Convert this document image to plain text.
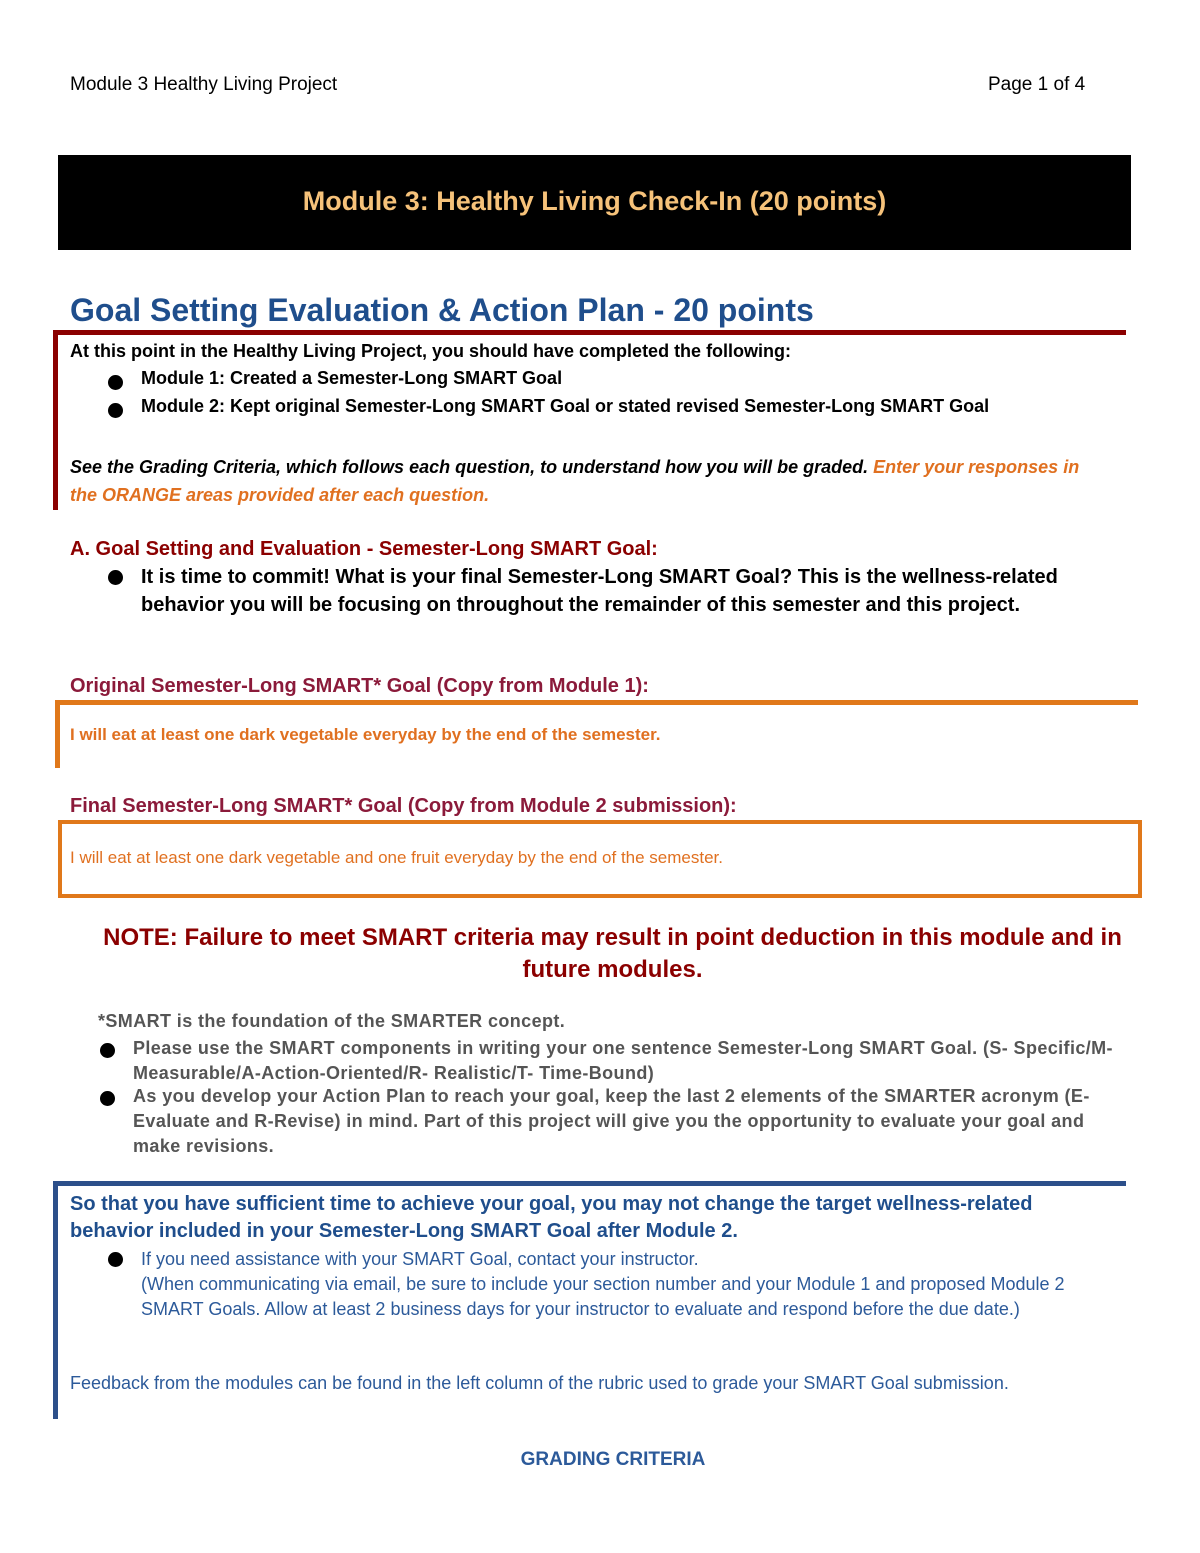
Module 3 Healthy Living Project	Page 1 of 4
Module 3: Healthy Living Check-In (20 points)
Goal Setting Evaluation & Action Plan - 20 points
At this point in the Healthy Living Project, you should have completed the following:
Module 1: Created a Semester-Long SMART Goal
Module 2: Kept original Semester-Long SMART Goal or stated revised Semester-Long SMART Goal
See the Grading Criteria, which follows each question, to understand how you will be graded. Enter your responses in the ORANGE areas provided after each question.
A. Goal Setting and Evaluation - Semester-Long SMART Goal:
It is time to commit! What is your final Semester-Long SMART Goal? This is the wellness-related behavior you will be focusing on throughout the remainder of this semester and this project.
Original Semester-Long SMART* Goal (Copy from Module 1):
I will eat at least one dark vegetable everyday by the end of the semester.
Final Semester-Long SMART* Goal (Copy from Module 2 submission):
I will eat at least one dark vegetable and one fruit everyday by the end of the semester.
NOTE: Failure to meet SMART criteria may result in point deduction in this module and in future modules.
*SMART is the foundation of the SMARTER concept.
Please use the SMART components in writing your one sentence Semester-Long SMART Goal. (S- Specific/M- Measurable/A-Action-Oriented/R- Realistic/T- Time-Bound)
As you develop your Action Plan to reach your goal, keep the last 2 elements of the SMARTER acronym (E-Evaluate and R-Revise) in mind. Part of this project will give you the opportunity to evaluate your goal and make revisions.
So that you have sufficient time to achieve your goal, you may not change the target wellness-related behavior included in your Semester-Long SMART Goal after Module 2.
If you need assistance with your SMART Goal, contact your instructor.
(When communicating via email, be sure to include your section number and your Module 1 and proposed Module 2 SMART Goals. Allow at least 2 business days for your instructor to evaluate and respond before the due date.)
Feedback from the modules can be found in the left column of the rubric used to grade your SMART Goal submission.
GRADING CRITERIA
